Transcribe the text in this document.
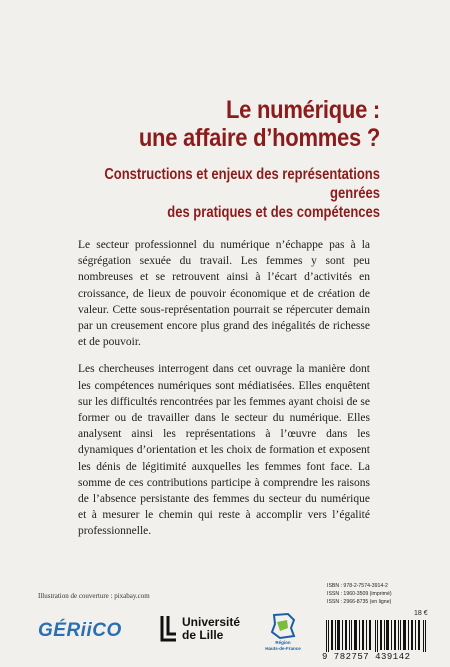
Le numérique :
une affaire d’hommes ?
Constructions et enjeux des représentations genrées
des pratiques et des compétences

Le secteur professionnel du numérique n’échappe pas à la ségrégation sexuée du travail. Les femmes y sont peu nombreuses et se retrouvent ainsi à l’écart d’activités en croissance, de lieux de pouvoir économique et de création de valeur. Cette sous-représentation pourrait se répercuter demain par un creusement encore plus grand des inégalités de richesse et de pouvoir.

Les chercheuses interrogent dans cet ouvrage la manière dont les compétences numériques sont médiatisées. Elles enquêtent sur les difficultés rencontrées par les femmes ayant choisi de se former ou de travailler dans le secteur du numérique. Elles analysent ainsi les représentations à l’œuvre dans les dynamiques d’orientation et les choix de formation et exposent les dénis de légitimité auxquelles les femmes font face. La somme de ces contributions participe à comprendre les raisons de l’absence persistante des femmes du secteur du numérique et à mesurer le chemin qui reste à accomplir vers l’égalité professionnelle.

Illustration de couverture : pixabay.com
ISBN : 978-2-7574-3914-2
ISSN : 1960-3509 (imprimé)
ISSN : 2966-8735 (en ligne)
18 €
9 782757 439142
GÉRiiCO	Université
de Lille
Région
Hauts-de-France
